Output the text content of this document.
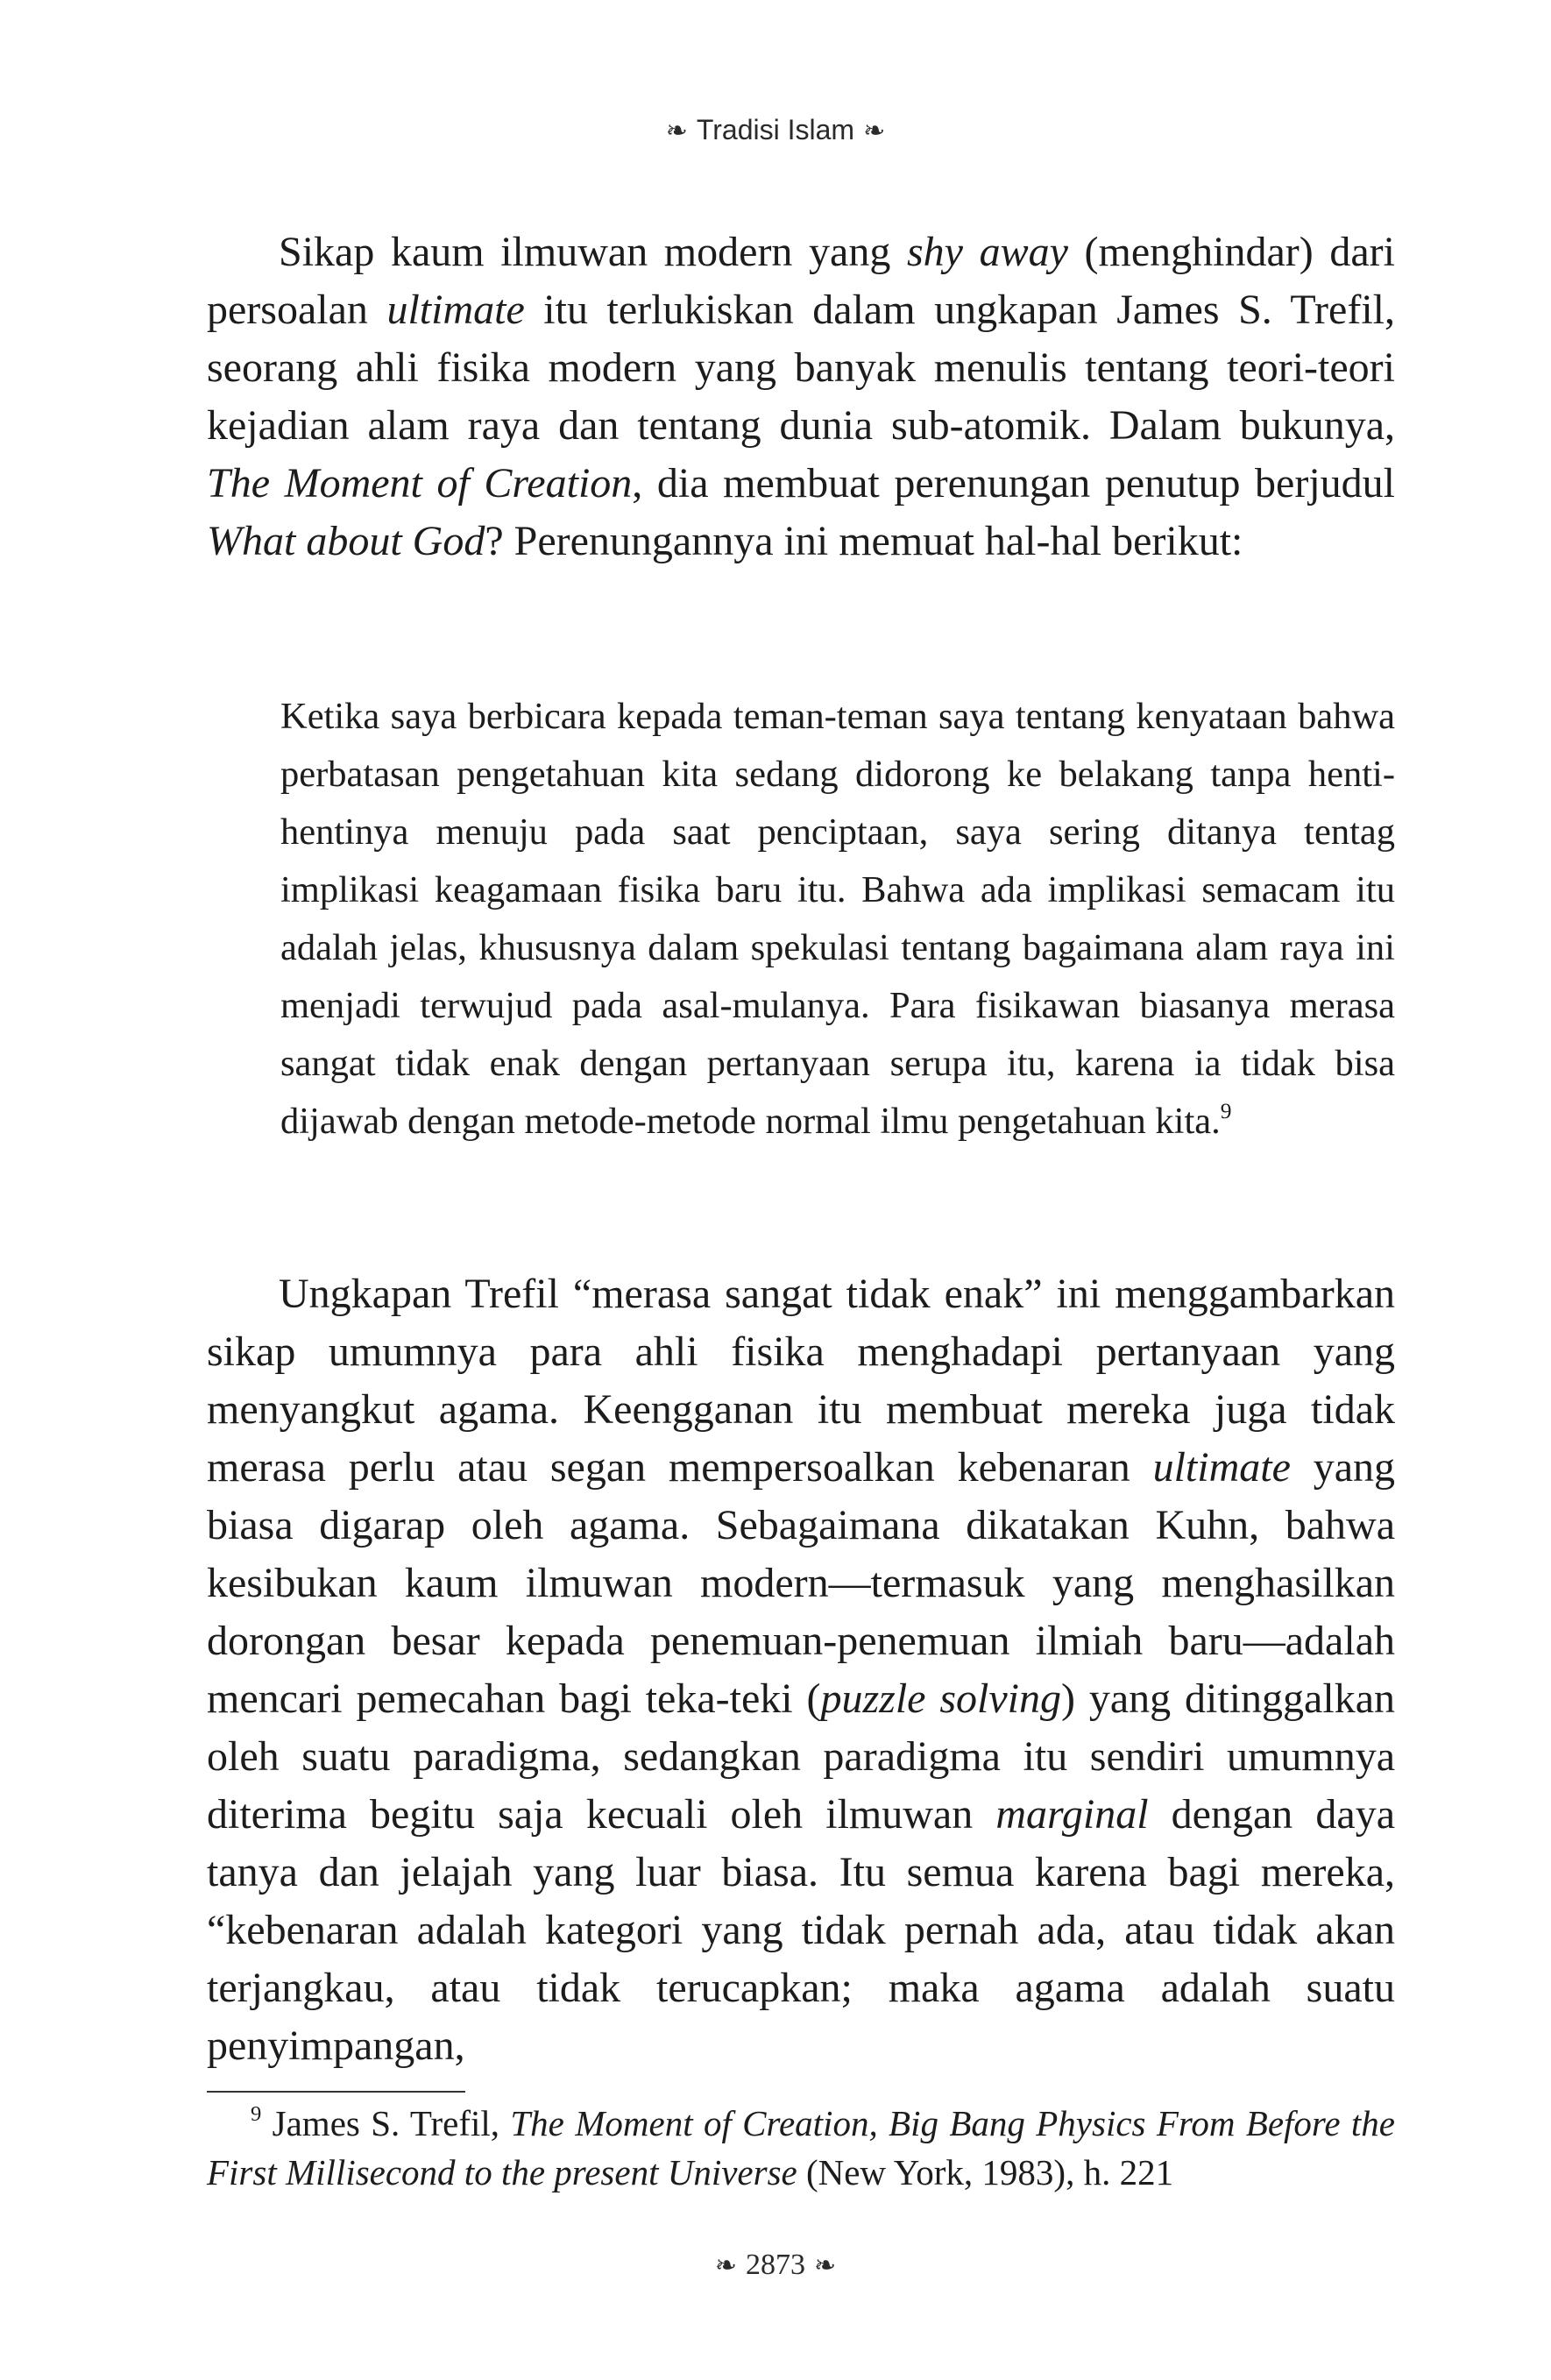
❧ Tradisi Islam ❧

Sikap kaum ilmuwan modern yang shy away (menghindar) dari persoalan ultimate itu terlukiskan dalam ungkapan James S. Trefil, seorang ahli fisika modern yang banyak menulis tentang teori-teori kejadian alam raya dan tentang dunia sub-atomik. Dalam bukunya, The Moment of Creation, dia membuat perenungan penutup berjudul What about God? Perenungannya ini memuat hal-hal berikut:

Ketika saya berbicara kepada teman-teman saya tentang kenyataan bahwa perbatasan pengetahuan kita sedang didorong ke belakang tanpa henti-hentinya menuju pada saat penciptaan, saya sering ditanya tentag implikasi keagamaan fisika baru itu. Bahwa ada implikasi semacam itu adalah jelas, khususnya dalam spekulasi tentang bagaimana alam raya ini menjadi terwujud pada asal-mulanya. Para fisikawan biasanya merasa sangat tidak enak dengan pertanyaan serupa itu, karena ia tidak bisa dijawab dengan metode-metode normal ilmu pengetahuan kita.$^9$

Ungkapan Trefil “merasa sangat tidak enak” ini menggambarkan sikap umumnya para ahli fisika menghadapi pertanyaan yang menyangkut agama. Keengganan itu membuat mereka juga tidak merasa perlu atau segan mempersoalkan kebenaran ultimate yang biasa digarap oleh agama. Sebagaimana dikatakan Kuhn, bahwa kesibukan kaum ilmuwan modern—termasuk yang menghasilkan dorongan besar kepada penemuan-penemuan ilmiah baru—adalah mencari pemecahan bagi teka-teki (puzzle solving) yang ditinggalkan oleh suatu paradigma, sedangkan paradigma itu sendiri umumnya diterima begitu saja kecuali oleh ilmuwan marginal dengan daya tanya dan jelajah yang luar biasa. Itu semua karena bagi mereka, “kebenaran adalah kategori yang tidak pernah ada, atau tidak akan terjangkau, atau tidak terucapkan; maka agama adalah suatu penyimpangan,

$^9$ James S. Trefil, The Moment of Creation, Big Bang Physics From Before the First Millisecond to the present Universe (New York, 1983), h. 221

❧ 2873 ❧
